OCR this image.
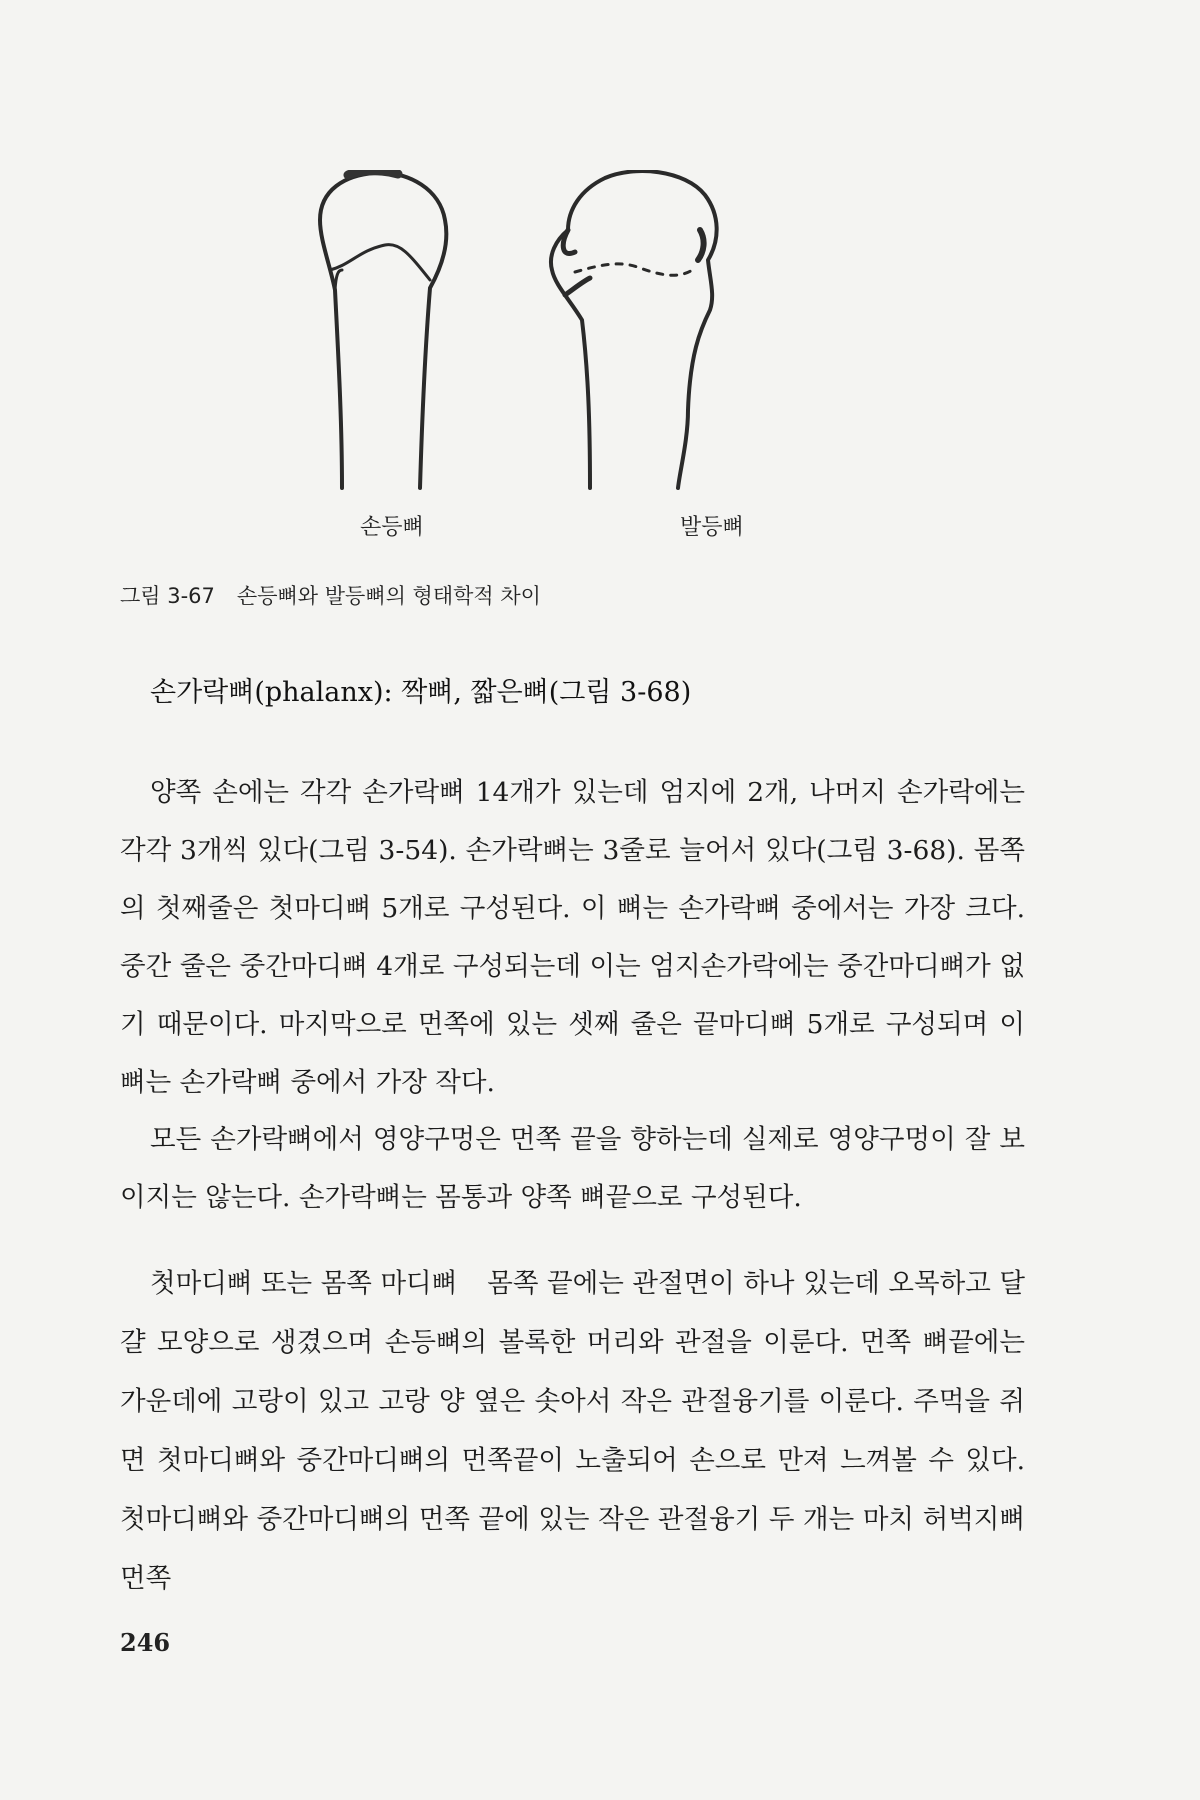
손등뼈	발등뼈
그림 3-67 손등뼈와 발등뼈의 형태학적 차이
손가락뼈(phalanx): 짝뼈, 짧은뼈(그림 3-68)

양쪽 손에는 각각 손가락뼈 14개가 있는데 엄지에 2개, 나머지 손가락에는 각각 3개씩 있다(그림 3-54). 손가락뼈는 3줄로 늘어서 있다(그림 3-68). 몸쪽의 첫째줄은 첫마디뼈 5개로 구성된다. 이 뼈는 손가락뼈 중에서는 가장 크다. 중간 줄은 중간마디뼈 4개로 구성되는데 이는 엄지손가락에는 중간마디뼈가 없기 때문이다. 마지막으로 먼쪽에 있는 셋째 줄은 끝마디뼈 5개로 구성되며 이 뼈는 손가락뼈 중에서 가장 작다.

모든 손가락뼈에서 영양구멍은 먼쪽 끝을 향하는데 실제로 영양구멍이 잘 보이지는 않는다. 손가락뼈는 몸통과 양쪽 뼈끝으로 구성된다.

첫마디뼈 또는 몸쪽 마디뼈 몸쪽 끝에는 관절면이 하나 있는데 오목하고 달걀 모양으로 생겼으며 손등뼈의 볼록한 머리와 관절을 이룬다. 먼쪽 뼈끝에는 가운데에 고랑이 있고 고랑 양 옆은 솟아서 작은 관절융기를 이룬다. 주먹을 쥐면 첫마디뼈와 중간마디뼈의 먼쪽끝이 노출되어 손으로 만져 느껴볼 수 있다. 첫마디뼈와 중간마디뼈의 먼쪽 끝에 있는 작은 관절융기 두 개는 마치 허벅지뼈 먼쪽

246
